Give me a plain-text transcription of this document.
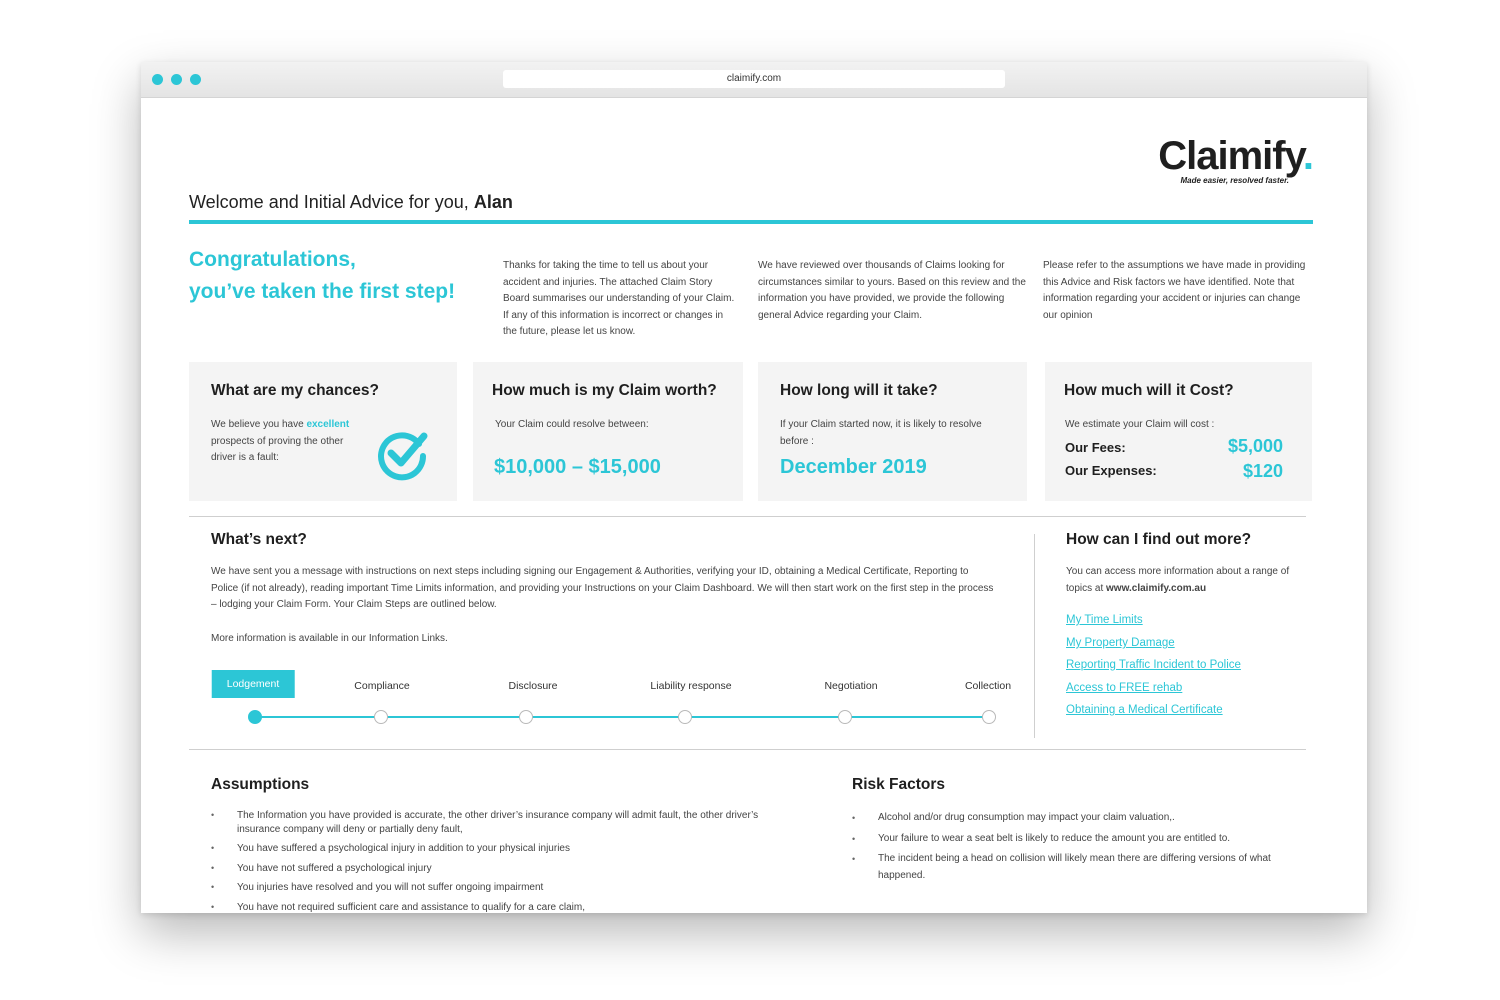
claimify.com
Welcome and Initial Advice for you, Alan
Claimify.
Made easier, resolved faster.
Congratulations,
you’ve taken the first step!
Thanks for taking the time to tell us about your accident and injuries. The attached Claim Story Board summarises our understanding of your Claim. If any of this information is incorrect or changes in the future, please let us know.
We have reviewed over thousands of Claims looking for circumstances similar to yours. Based on this review and the information you have provided, we provide the following general Advice regarding your Claim.
Please refer to the assumptions we have made in providing this Advice and Risk factors we have identified. Note that information regarding your accident or injuries can change our opinion
What are my chances?
We believe you have excellent prospects of proving the other driver is a fault:
How much is my Claim worth?
Your Claim could resolve between:
$10,000 – $15,000
How long will it take?
If your Claim started now, it is likely to resolve before :
December 2019
How much will it Cost?
We estimate your Claim will cost :
Our Fees:	$5,000
Our Expenses:	$120
What’s next?
We have sent you a message with instructions on next steps including signing our Engagement & Authorities, verifying your ID, obtaining a Medical Certificate, Reporting to Police (if not already), reading important Time Limits information, and providing your Instructions on your Claim Dashboard. We will then start work on the first step in the process – lodging your Claim Form. Your Claim Steps are outlined below.
More information is available in our Information Links.
Lodgement	Compliance	Disclosure	Liability response	Negotiation	Collection
How can I find out more?
You can access more information about a range of topics at www.claimify.com.au
My Time Limits
My Property Damage
Reporting Traffic Incident to Police
Access to FREE rehab
Obtaining a Medical Certificate
Assumptions
• The Information you have provided is accurate, the other driver’s insurance company will admit fault, the other driver’s insurance company will deny or partially deny fault,
• You have suffered a psychological injury in addition to your physical injuries
• You have not suffered a psychological injury
• You injuries have resolved and you will not suffer ongoing impairment
• You have not required sufficient care and assistance to qualify for a care claim,
Risk Factors
• Alcohol and/or drug consumption may impact your claim valuation,.
• Your failure to wear a seat belt is likely to reduce the amount you are entitled to.
• The incident being a head on collision will likely mean there are differing versions of what happened.
